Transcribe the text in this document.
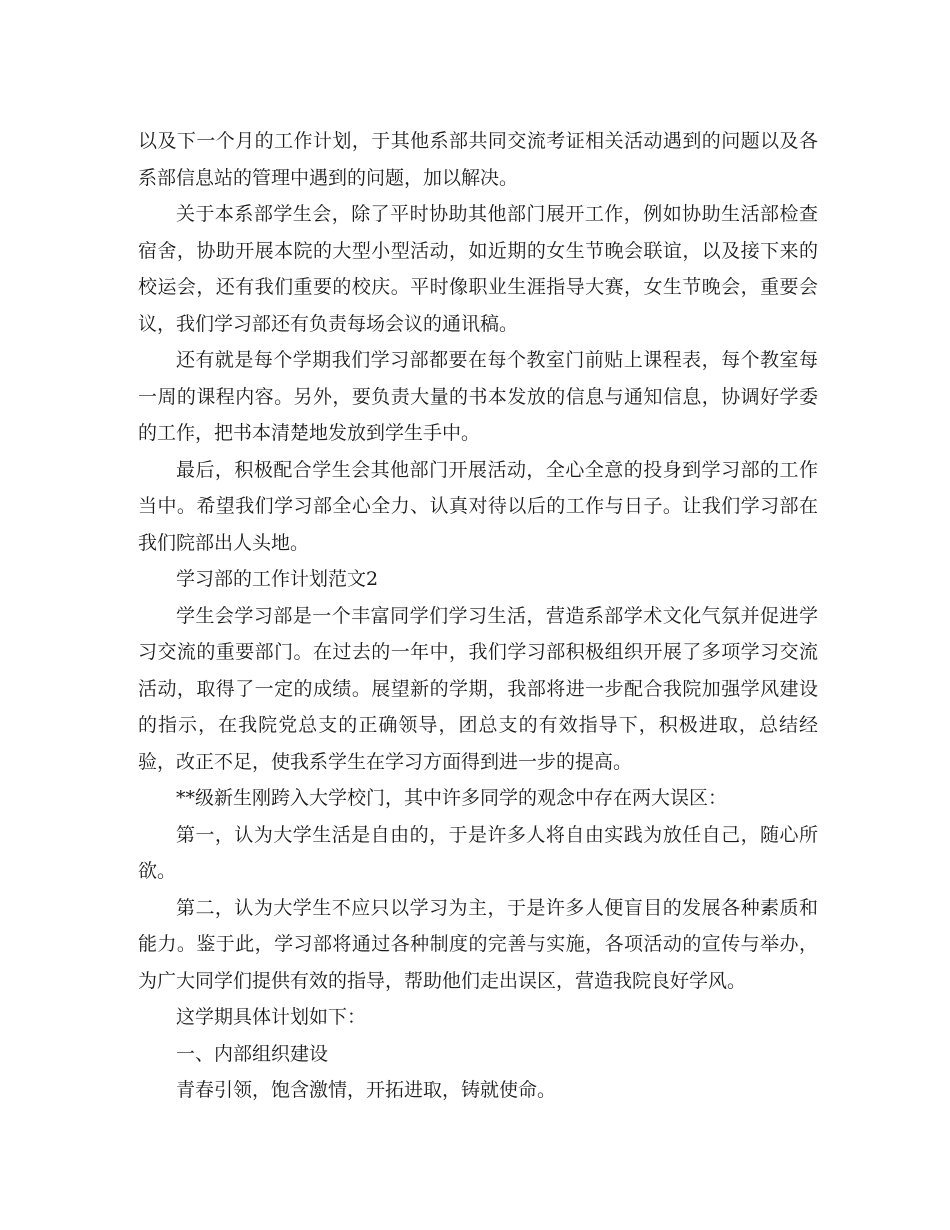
以及下一个月的工作计划，于其他系部共同交流考证相关活动遇到的问题以及各系部信息站的管理中遇到的问题，加以解决。

关于本系部学生会，除了平时协助其他部门展开工作，例如协助生活部检查宿舍，协助开展本院的大型小型活动，如近期的女生节晚会联谊，以及接下来的校运会，还有我们重要的校庆。平时像职业生涯指导大赛，女生节晚会，重要会议，我们学习部还有负责每场会议的通讯稿。

还有就是每个学期我们学习部都要在每个教室门前贴上课程表，每个教室每一周的课程内容。另外，要负责大量的书本发放的信息与通知信息，协调好学委的工作，把书本清楚地发放到学生手中。

最后，积极配合学生会其他部门开展活动，全心全意的投身到学习部的工作当中。希望我们学习部全心全力、认真对待以后的工作与日子。让我们学习部在我们院部出人头地。

学习部的工作计划范文2

学生会学习部是一个丰富同学们学习生活，营造系部学术文化气氛并促进学习交流的重要部门。在过去的一年中，我们学习部积极组织开展了多项学习交流活动，取得了一定的成绩。展望新的学期，我部将进一步配合我院加强学风建设的指示，在我院党总支的正确领导，团总支的有效指导下，积极进取，总结经验，改正不足，使我系学生在学习方面得到进一步的提高。

**级新生刚跨入大学校门，其中许多同学的观念中存在两大误区：

第一，认为大学生活是自由的，于是许多人将自由实践为放任自己，随心所欲。

第二，认为大学生不应只以学习为主，于是许多人便盲目的发展各种素质和能力。鉴于此，学习部将通过各种制度的完善与实施，各项活动的宣传与举办，为广大同学们提供有效的指导，帮助他们走出误区，营造我院良好学风。

这学期具体计划如下：

一、内部组织建设

青春引领，饱含激情，开拓进取，铸就使命。
